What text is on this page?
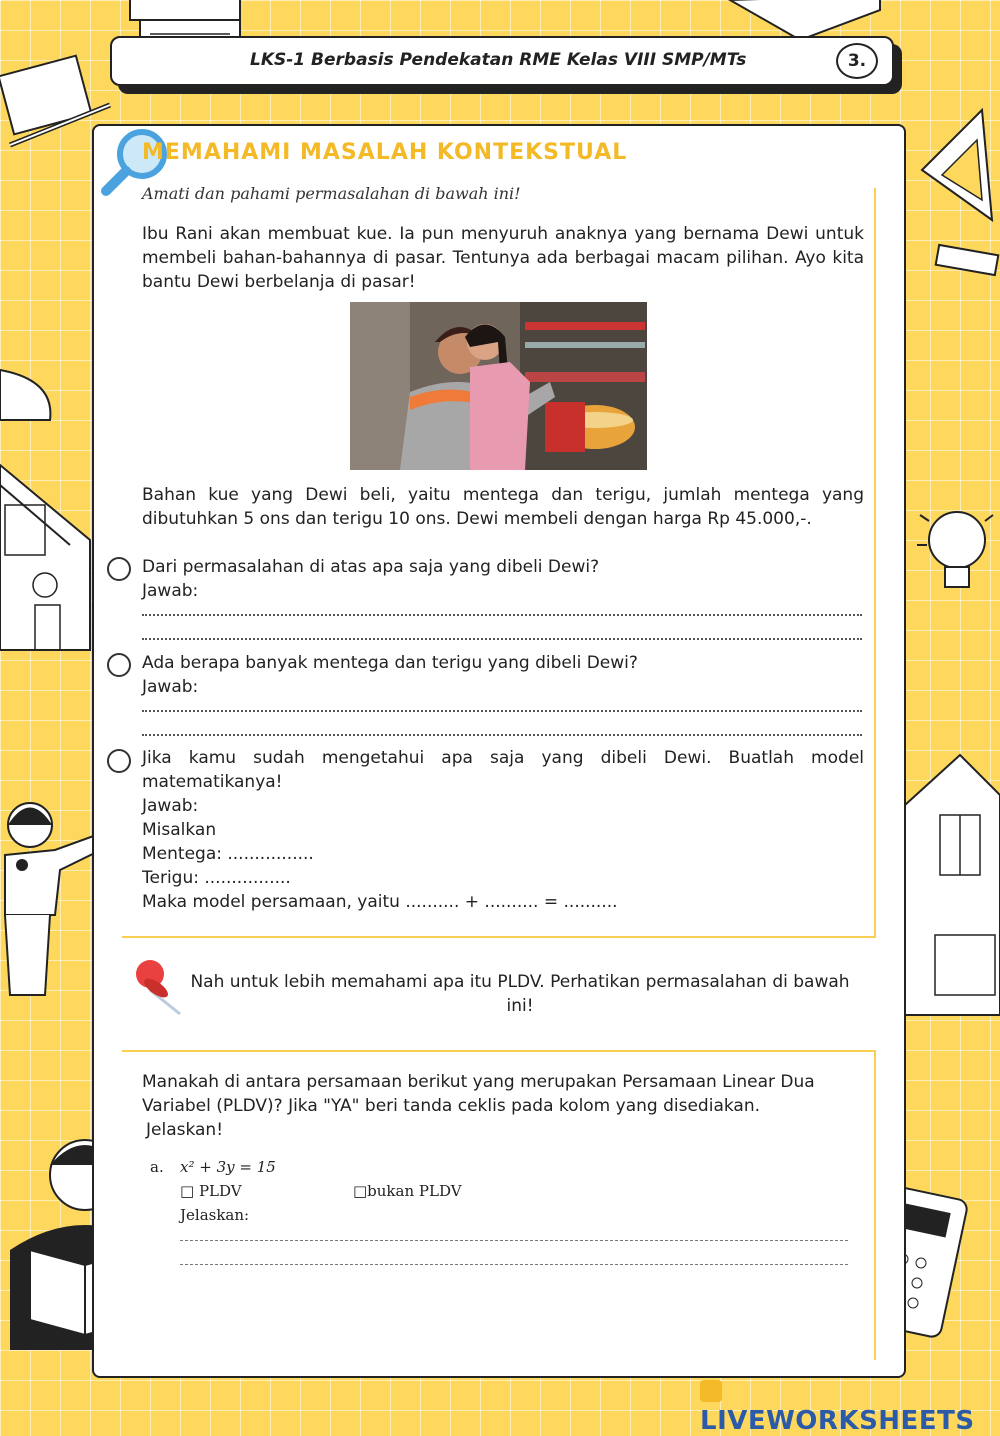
LKS-1 Berbasis Pendekatan RME Kelas VIII SMP/MTs	3.
MEMAHAMI MASALAH KONTEKSTUAL
Amati dan pahami permasalahan di bawah ini!
Ibu Rani akan membuat kue. Ia pun menyuruh anaknya yang bernama Dewi untuk membeli bahan-bahannya di pasar. Tentunya ada berbagai macam pilihan. Ayo kita bantu Dewi berbelanja di pasar!
Bahan kue yang Dewi beli, yaitu mentega dan terigu, jumlah mentega yang dibutuhkan 5 ons dan terigu 10 ons. Dewi membeli dengan harga Rp 45.000,-.
Dari permasalahan di atas apa saja yang dibeli Dewi?
Jawab:
Ada berapa banyak mentega dan terigu yang dibeli Dewi?
Jawab:
Jika kamu sudah mengetahui apa saja yang dibeli Dewi. Buatlah model matematikanya!
Jawab:
Misalkan
Mentega: ................
Terigu: ................
Maka model persamaan, yaitu .......... + .......... = ..........
Nah untuk lebih memahami apa itu PLDV. Perhatikan permasalahan di bawah ini!
Manakah di antara persamaan berikut yang merupakan Persamaan Linear Dua Variabel (PLDV)? Jika "YA" beri tanda ceklis pada kolom yang disediakan.
Jelaskan!
a. x² + 3y = 15
□ PLDV	□bukan PLDV
Jelaskan:
LIVEWORKSHEETS
